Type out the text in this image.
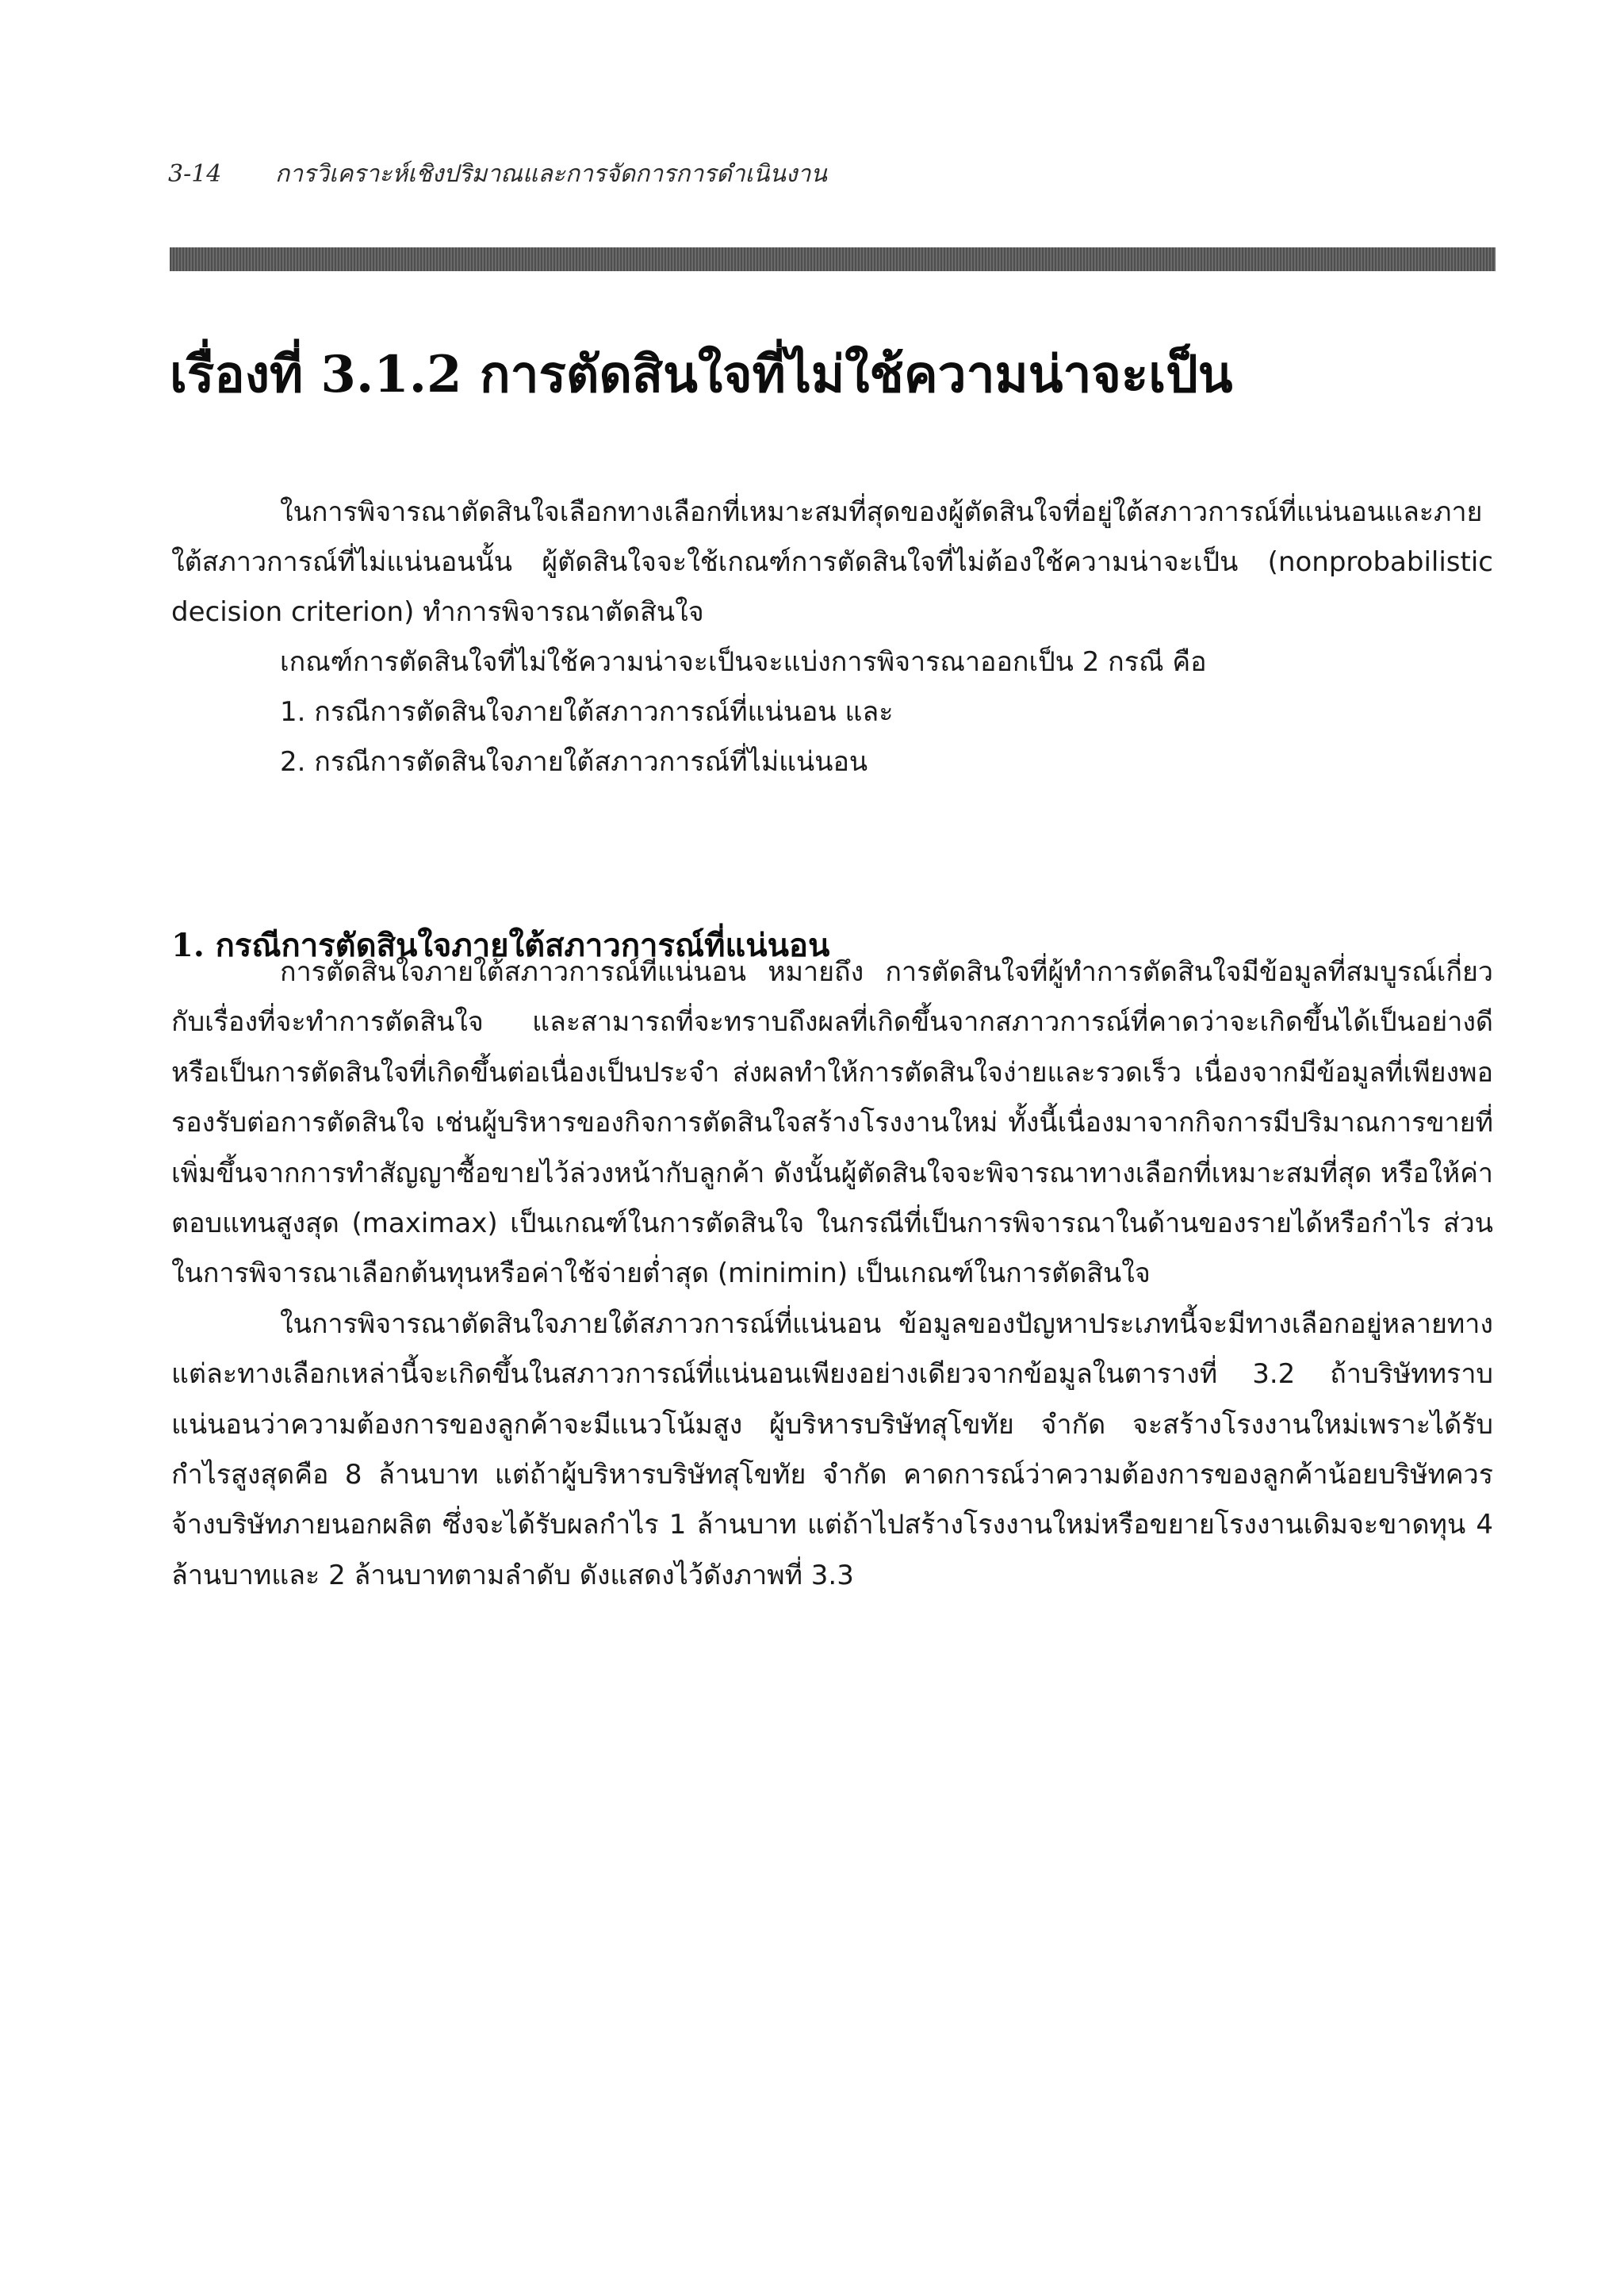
3-14 การวิเคราะห์เชิงปริมาณและการจัดการการดำเนินงาน
เรื่องที่ 3.1.2 การตัดสินใจที่ไม่ใช้ความน่าจะเป็น

ในการพิจารณาตัดสินใจเลือกทางเลือกที่เหมาะสมที่สุดของผู้ตัดสินใจที่อยู่ใต้สภาวการณ์ที่แน่นอนและภายใต้สภาวการณ์ที่ไม่แน่นอนนั้น ผู้ตัดสินใจจะใช้เกณฑ์การตัดสินใจที่ไม่ต้องใช้ความน่าจะเป็น (nonprobabilistic decision criterion) ทำการพิจารณาตัดสินใจ

เกณฑ์การตัดสินใจที่ไม่ใช้ความน่าจะเป็นจะแบ่งการพิจารณาออกเป็น 2 กรณี คือ

1. กรณีการตัดสินใจภายใต้สภาวการณ์ที่แน่นอน และ

2. กรณีการตัดสินใจภายใต้สภาวการณ์ที่ไม่แน่นอน

1. กรณีการตัดสินใจภายใต้สภาวการณ์ที่แน่นอน

การตัดสินใจภายใต้สภาวการณ์ที่แน่นอน หมายถึง การตัดสินใจที่ผู้ทำการตัดสินใจมีข้อมูลที่สมบูรณ์เกี่ยวกับเรื่องที่จะทำการตัดสินใจ และสามารถที่จะทราบถึงผลที่เกิดขึ้นจากสภาวการณ์ที่คาดว่าจะเกิดขึ้นได้เป็นอย่างดี หรือเป็นการตัดสินใจที่เกิดขึ้นต่อเนื่องเป็นประจำ ส่งผลทำให้การตัดสินใจง่ายและรวดเร็ว เนื่องจากมีข้อมูลที่เพียงพอรองรับต่อการตัดสินใจ เช่นผู้บริหารของกิจการตัดสินใจสร้างโรงงานใหม่ ทั้งนี้เนื่องมาจากกิจการมีปริมาณการขายที่เพิ่มขึ้นจากการทำสัญญาซื้อขายไว้ล่วงหน้ากับลูกค้า ดังนั้นผู้ตัดสินใจจะพิจารณาทางเลือกที่เหมาะสมที่สุด หรือให้ค่าตอบแทนสูงสุด (maximax) เป็นเกณฑ์ในการตัดสินใจ ในกรณีที่เป็นการพิจารณาในด้านของรายได้หรือกำไร ส่วนในการพิจารณาเลือกต้นทุนหรือค่าใช้จ่ายต่ำสุด (minimin) เป็นเกณฑ์ในการตัดสินใจ

ในการพิจารณาตัดสินใจภายใต้สภาวการณ์ที่แน่นอน ข้อมูลของปัญหาประเภทนี้จะมีทางเลือกอยู่หลายทาง แต่ละทางเลือกเหล่านี้จะเกิดขึ้นในสภาวการณ์ที่แน่นอนเพียงอย่างเดียวจากข้อมูลในตารางที่ 3.2 ถ้าบริษัททราบแน่นอนว่าความต้องการของลูกค้าจะมีแนวโน้มสูง ผู้บริหารบริษัทสุโขทัย จำกัด จะสร้างโรงงานใหม่เพราะได้รับกำไรสูงสุดคือ 8 ล้านบาท แต่ถ้าผู้บริหารบริษัทสุโขทัย จำกัด คาดการณ์ว่าความต้องการของลูกค้าน้อยบริษัทควรจ้างบริษัทภายนอกผลิต ซึ่งจะได้รับผลกำไร 1 ล้านบาท แต่ถ้าไปสร้างโรงงานใหม่หรือขยายโรงงานเดิมจะขาดทุน 4 ล้านบาทและ 2 ล้านบาทตามลำดับ ดังแสดงไว้ดังภาพที่ 3.3
